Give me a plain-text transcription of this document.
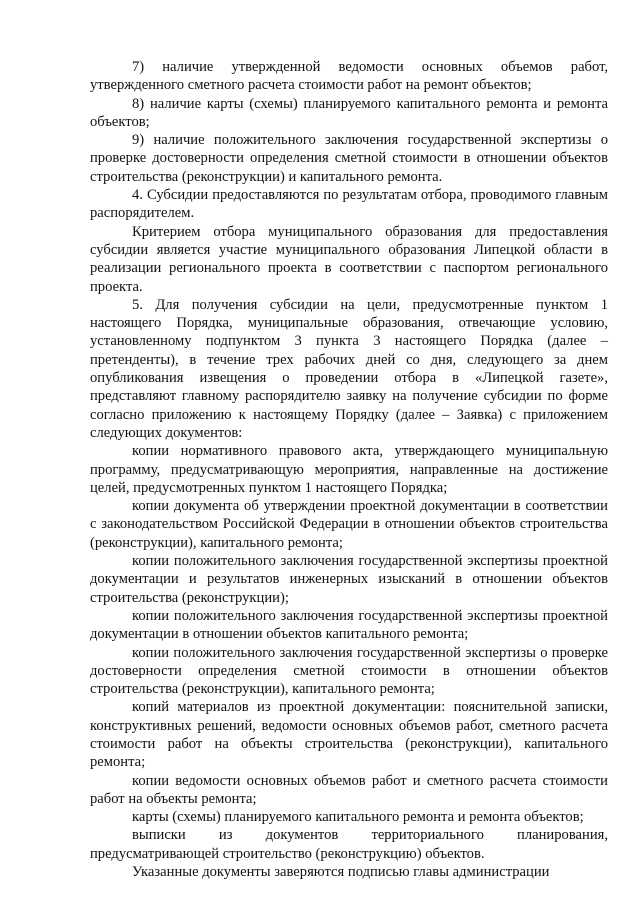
7) наличие утвержденной ведомости основных объемов работ, утвержденного сметного расчета стоимости работ на ремонт объектов;

8) наличие карты (схемы) планируемого капитального ремонта и ремонта объектов;

9) наличие положительного заключения государственной экспертизы о проверке достоверности определения сметной стоимости в отношении объектов строительства (реконструкции) и капитального ремонта.

4. Субсидии предоставляются по результатам отбора, проводимого главным распорядителем.

Критерием отбора муниципального образования для предоставления субсидии является участие муниципального образования Липецкой области в реализации регионального проекта в соответствии с паспортом регионального проекта.

5. Для получения субсидии на цели, предусмотренные пунктом 1 настоящего Порядка, муниципальные образования, отвечающие условию, установленному подпунктом 3 пункта 3 настоящего Порядка (далее – претенденты), в течение трех рабочих дней со дня, следующего за днем опубликования извещения о проведении отбора в «Липецкой газете», представляют главному распорядителю заявку на получение субсидии по форме согласно приложению к настоящему Порядку (далее – Заявка) с приложением следующих документов:

копии нормативного правового акта, утверждающего муниципальную программу, предусматривающую мероприятия, направленные на достижение целей, предусмотренных пунктом 1 настоящего Порядка;

копии документа об утверждении проектной документации в соответствии с законодательством Российской Федерации в отношении объектов строительства (реконструкции), капитального ремонта;

копии положительного заключения государственной экспертизы проектной документации и результатов инженерных изысканий в отношении объектов строительства (реконструкции);

копии положительного заключения государственной экспертизы проектной документации в отношении объектов капитального ремонта;

копии положительного заключения государственной экспертизы о проверке достоверности определения сметной стоимости в отношении объектов строительства (реконструкции), капитального ремонта;

копий материалов из проектной документации: пояснительной записки, конструктивных решений, ведомости основных объемов работ, сметного расчета стоимости работ на объекты строительства (реконструкции), капитального ремонта;

копии ведомости основных объемов работ и сметного расчета стоимости работ на объекты ремонта;

карты (схемы) планируемого капитального ремонта и ремонта объектов;

выписки из документов территориального планирования, предусматривающей строительство (реконструкцию) объектов.

Указанные документы заверяются подписью главы администрации
